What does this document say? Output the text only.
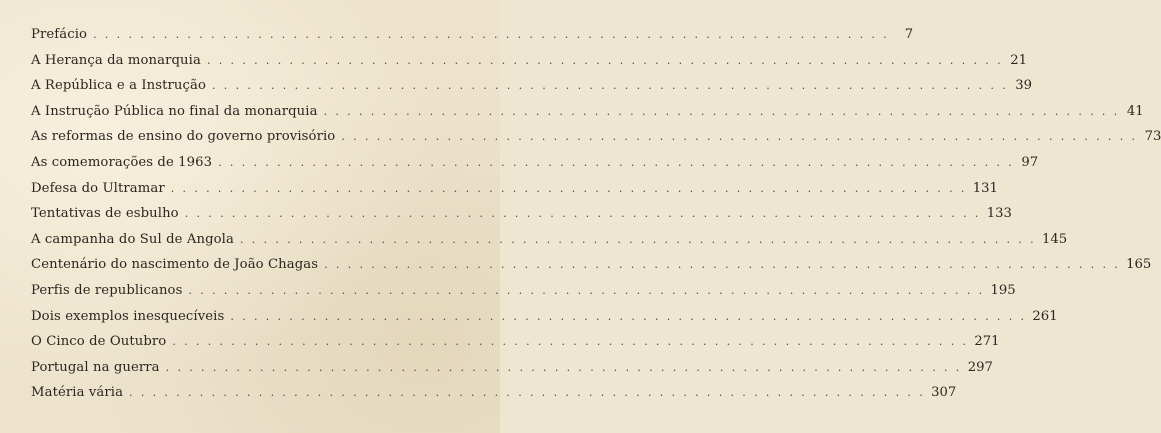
Prefácio . . . . . . . . . . . . . . . . . . . . . . . . . . . . . . . . . . . . . . . . . . . . . . . . . . . . . . . . . . . . . . . . . . . .	7
A Herança da monarquia . . . . . . . . . . . . . . . . . . . . . . . . . . . . . . . . . . . . . . . . . . . . . . . . . . . . . . . . . . . . . . . . . . . . 21
A República e a Instrução . . . . . . . . . . . . . . . . . . . . . . . . . . . . . . . . . . . . . . . . . . . . . . . . . . . . . . . . . . . . . . . . . . . . 39
A Instrução Pública no final da monarquia . . . . . . . . . . . . . . . . . . . . . . . . . . . . . . . . . . . . . . . . . . . . . . . . . . . . . . . . . . . . . . . . . . . . 41
As reformas de ensino do governo provisório . . . . . . . . . . . . . . . . . . . . . . . . . . . . . . . . . . . . . . . . . . . . . . . . . . . . . . . . . . . . . . . . . . . . 73
As comemorações de 1963 . . . . . . . . . . . . . . . . . . . . . . . . . . . . . . . . . . . . . . . . . . . . . . . . . . . . . . . . . . . . . . . . . . . . 97
Defesa do Ultramar . . . . . . . . . . . . . . . . . . . . . . . . . . . . . . . . . . . . . . . . . . . . . . . . . . . . . . . . . . . . . . . . . . . . 131
Tentativas de esbulho . . . . . . . . . . . . . . . . . . . . . . . . . . . . . . . . . . . . . . . . . . . . . . . . . . . . . . . . . . . . . . . . . . . . 133
A campanha do Sul de Angola . . . . . . . . . . . . . . . . . . . . . . . . . . . . . . . . . . . . . . . . . . . . . . . . . . . . . . . . . . . . . . . . . . . . 145
Centenário do nascimento de João Chagas . . . . . . . . . . . . . . . . . . . . . . . . . . . . . . . . . . . . . . . . . . . . . . . . . . . . . . . . . . . . . . . . . . . . 165
Perfis de republicanos . . . . . . . . . . . . . . . . . . . . . . . . . . . . . . . . . . . . . . . . . . . . . . . . . . . . . . . . . . . . . . . . . . . . 195
Dois exemplos inesquecíveis . . . . . . . . . . . . . . . . . . . . . . . . . . . . . . . . . . . . . . . . . . . . . . . . . . . . . . . . . . . . . . . . . . . . 261
O Cinco de Outubro . . . . . . . . . . . . . . . . . . . . . . . . . . . . . . . . . . . . . . . . . . . . . . . . . . . . . . . . . . . . . . . . . . . . 271
Portugal na guerra . . . . . . . . . . . . . . . . . . . . . . . . . . . . . . . . . . . . . . . . . . . . . . . . . . . . . . . . . . . . . . . . . . . . 297
Matéria vária . . . . . . . . . . . . . . . . . . . . . . . . . . . . . . . . . . . . . . . . . . . . . . . . . . . . . . . . . . . . . . . . . . . . 307
